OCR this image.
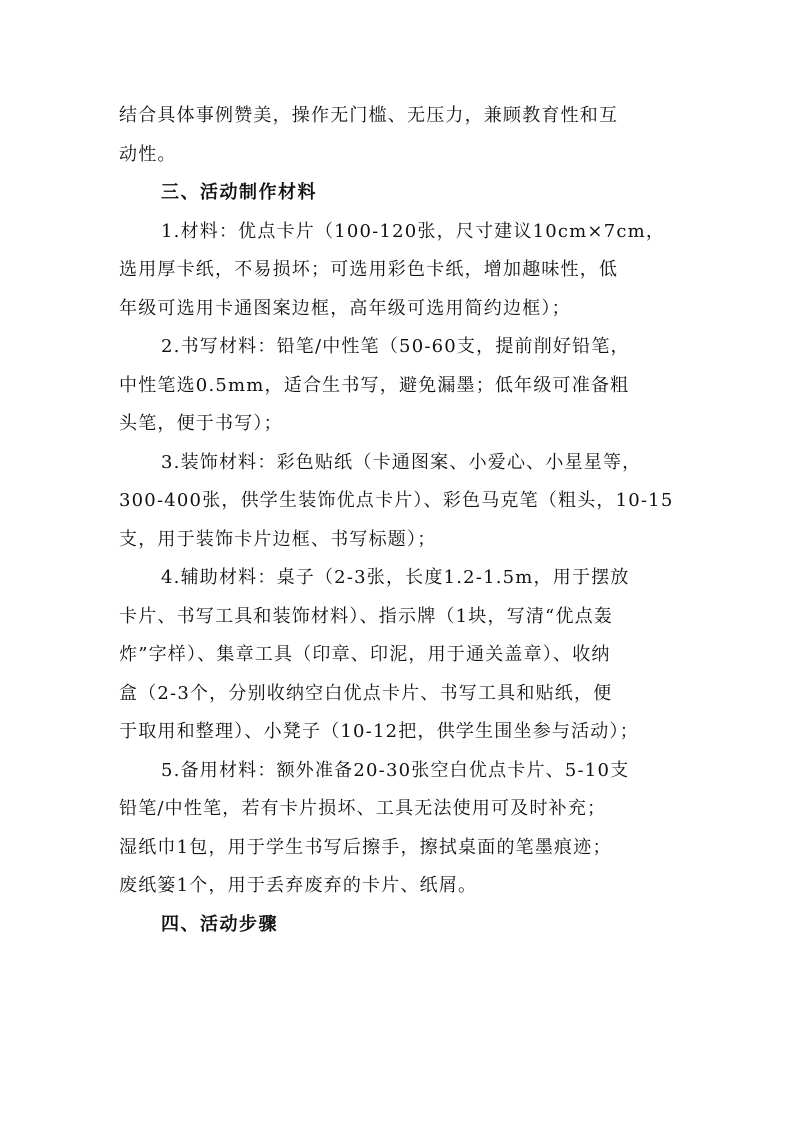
结合具体事例赞美，操作无门槛、无压力，兼顾教育性和互
动性。
三、活动制作材料
1.材料：优点卡片（100-120张，尺寸建议10cm×7cm，
选用厚卡纸，不易损坏；可选用彩色卡纸，增加趣味性，低
年级可选用卡通图案边框，高年级可选用简约边框）；
2.书写材料：铅笔/中性笔（50-60支，提前削好铅笔，
中性笔选0.5mm，适合生书写，避免漏墨；低年级可准备粗
头笔，便于书写）；
3.装饰材料：彩色贴纸（卡通图案、小爱心、小星星等，
300-400张，供学生装饰优点卡片）、彩色马克笔（粗头，10-15
支，用于装饰卡片边框、书写标题）；
4.辅助材料：桌子（2-3张，长度1.2-1.5m，用于摆放
卡片、书写工具和装饰材料）、指示牌（1块，写清“优点轰
炸”字样）、集章工具（印章、印泥，用于通关盖章）、收纳
盒（2-3个，分别收纳空白优点卡片、书写工具和贴纸，便
于取用和整理）、小凳子（10-12把，供学生围坐参与活动）；
5.备用材料：额外准备20-30张空白优点卡片、5-10支
铅笔/中性笔，若有卡片损坏、工具无法使用可及时补充；
湿纸巾1包，用于学生书写后擦手，擦拭桌面的笔墨痕迹；
废纸篓1个，用于丢弃废弃的卡片、纸屑。
四、活动步骤
